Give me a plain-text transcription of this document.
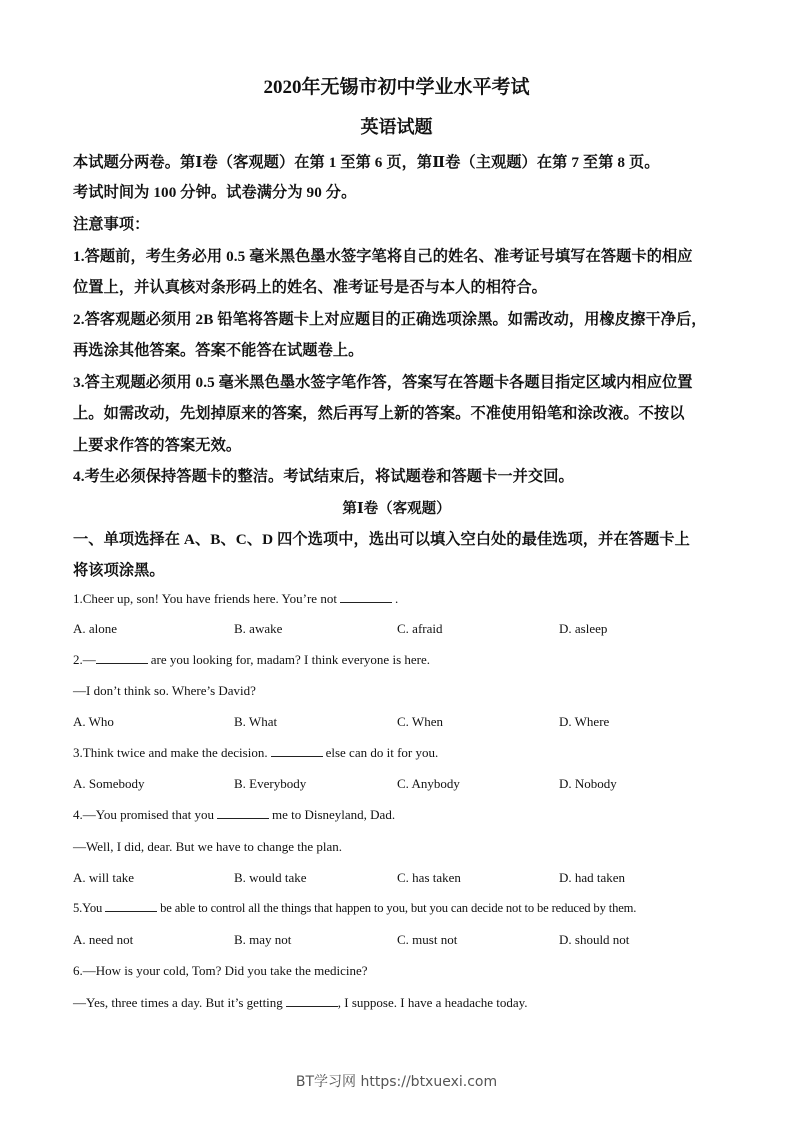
2020年无锡市初中学业水平考试
英语试题
本试题分两卷。第Ⅰ卷（客观题）在第 1 至第 6 页，第Ⅱ卷（主观题）在第 7 至第 8 页。
考试时间为 100 分钟。试卷满分为 90 分。
注意事项：
1.答题前，考生务必用 0.5 毫米黑色墨水签字笔将自己的姓名、准考证号填写在答题卡的相应
位置上，并认真核对条形码上的姓名、准考证号是否与本人的相符合。
2.答客观题必须用 2B 铅笔将答题卡上对应题目的正确选项涂黑。如需改动，用橡皮擦干净后，
再选涂其他答案。答案不能答在试题卷上。
3.答主观题必须用 0.5 毫米黑色墨水签字笔作答，答案写在答题卡各题目指定区域内相应位置
上。如需改动，先划掉原来的答案，然后再写上新的答案。不准使用铅笔和涂改液。不按以
上要求作答的答案无效。
4.考生必须保持答题卡的整洁。考试结束后，将试题卷和答题卡一并交回。
第Ⅰ卷（客观题）
一、单项选择在 A、B、C、D 四个选项中，选出可以填入空白处的最佳选项，并在答题卡上
将该项涂黑。
1.Cheer up, son! You have friends here. You’re not	.
A. alone	B. awake	C. afraid	D. asleep
2.—	are you looking for, madam? I think everyone is here.
—I don’t think so. Where’s David?
A. Who	B. What	C. When	D. Where
3.Think twice and make the decision.	else can do it for you.
A. Somebody	B. Everybody	C. Anybody	D. Nobody
4.—You promised that you	me to Disneyland, Dad.
—Well, I did, dear. But we have to change the plan.
A. will take	B. would take	C. has taken	D. had taken
5.You	be able to control all the things that happen to you, but you can decide not to be reduced by them.
A. need not	B. may not	C. must not	D. should not
6.—How is your cold, Tom? Did you take the medicine?
—Yes, three times a day. But it’s getting	, I suppose. I have a headache today.
BT学习网 https://btxuexi.com
